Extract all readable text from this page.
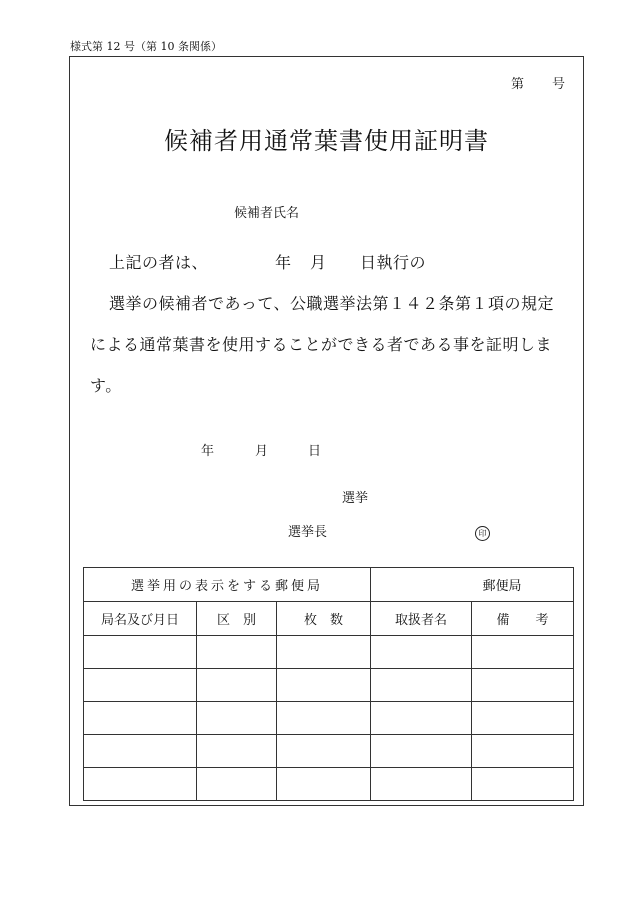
様式第 12 号（第 10 条関係）
第 号
候補者用通常葉書使用証明書
候補者氏名
上記の者は、	年 月 日執行の
選挙の候補者であって、公職選挙法第１４２条第１項の規定
による通常葉書を使用することができる者である事を証明しま
す。
年	月	日
選挙
選挙長	印
選挙用の表示をする郵便局			郵便局	
局名及び月日	区　別	枚　数	取扱者名	備　　考
